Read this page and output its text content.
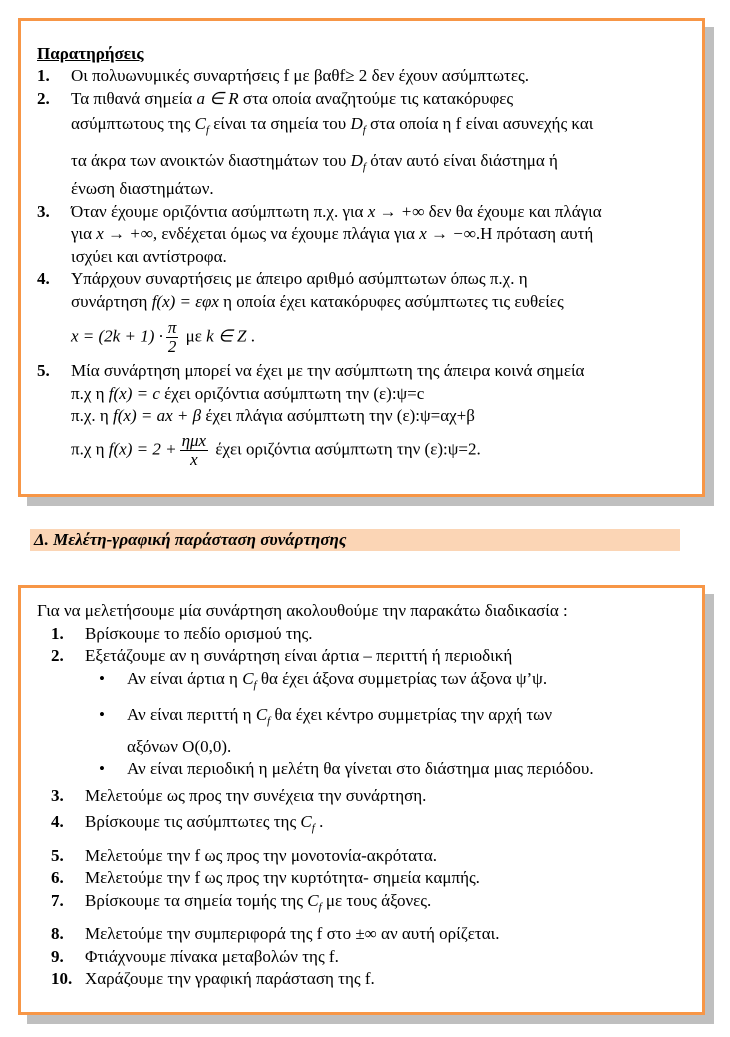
Παρατηρήσεις
1. Οι πολυωνυμικές συναρτήσεις f με βαθf≥ 2 δεν έχουν ασύμπτωτες.
2. Τα πιθανά σημεία a ∈ R στα οποία αναζητούμε τις κατακόρυφες
ασύμπτωτους της $C_f$ είναι τα σημεία του $D_f$ στα οποία η f είναι ασυνεχής και
τα άκρα των ανοικτών διαστημάτων του $D_f$ όταν αυτό είναι διάστημα ή
ένωση διαστημάτων.
3. Όταν έχουμε οριζόντια ασύμπτωτη π.χ. για x → +∞ δεν θα έχουμε και πλάγια
για x → +∞, ενδέχεται όμως να έχουμε πλάγια για x → −∞.Η πρόταση αυτή
ισχύει και αντίστροφα.
4. Υπάρχουν συναρτήσεις με άπειρο αριθμό ασύμπτωτων όπως π.χ. η
συνάρτηση f(x) = εφx η οποία έχει κατακόρυφες ασύμπτωτες τις ευθείες
$x = (2k + 1) \cdot \frac{\pi}{2}$ με k ∈ Z .
5. Μία συνάρτηση μπορεί να έχει με την ασύμπτωτη της άπειρα κοινά σημεία
π.χ η f(x) = c έχει οριζόντια ασύμπτωτη την (ε):ψ=c
π.χ. η f(x) = ax + β έχει πλάγια ασύμπτωτη την (ε):ψ=αχ+β
π.χ η $f(x) = 2 + \frac{\text{ημx}}{x}$ έχει οριζόντια ασύμπτωτη την (ε):ψ=2.
Δ. Μελέτη-γραφική παράσταση συνάρτησης
Για να μελετήσουμε μία συνάρτηση ακολουθούμε την παρακάτω διαδικασία :
1. Βρίσκουμε το πεδίο ορισμού της.
2. Εξετάζουμε αν η συνάρτηση είναι άρτια – περιττή ή περιοδική
• Αν είναι άρτια η $C_f$ θα έχει άξονα συμμετρίας των άξονα ψ’ψ.
• Αν είναι περιττή η $C_f$ θα έχει κέντρο συμμετρίας την αρχή των
αξόνων Ο(0,0).
• Αν είναι περιοδική η μελέτη θα γίνεται στο διάστημα μιας περιόδου.
3. Μελετούμε ως προς την συνέχεια την συνάρτηση.
4. Βρίσκουμε τις ασύμπτωτες της $C_f$ .
5. Μελετούμε την f ως προς την μονοτονία-ακρότατα.
6. Μελετούμε την f ως προς την κυρτότητα- σημεία καμπής.
7. Βρίσκουμε τα σημεία τομής της $C_f$ με τους άξονες.
8. Μελετούμε την συμπεριφορά της f στο ±∞ αν αυτή ορίζεται.
9. Φτιάχνουμε πίνακα μεταβολών της f.
10. Χαράζουμε την γραφική παράσταση της f.
